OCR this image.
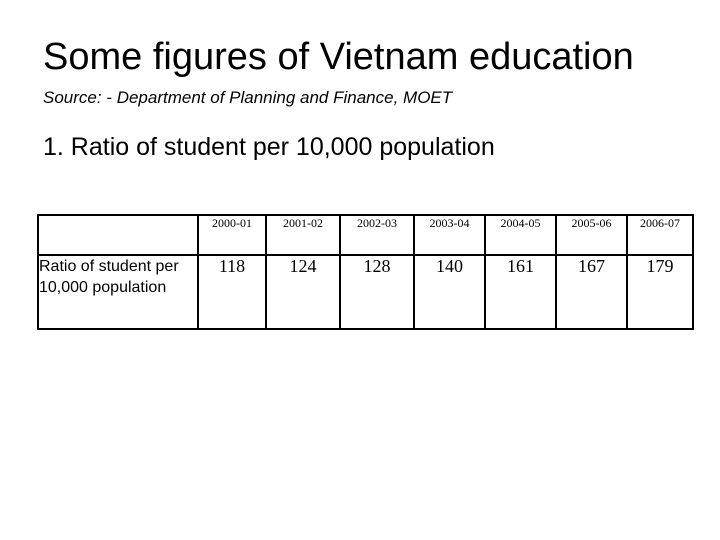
Some figures of Vietnam education
Source: - Department of Planning and Finance, MOET
1. Ratio of student per 10,000 population
	2000-01	2001-02	2002-03	2003-04	2004-05	2005-06	2006-07
Ratio of student per 10,000 population	118	124	128	140	161	167	179
